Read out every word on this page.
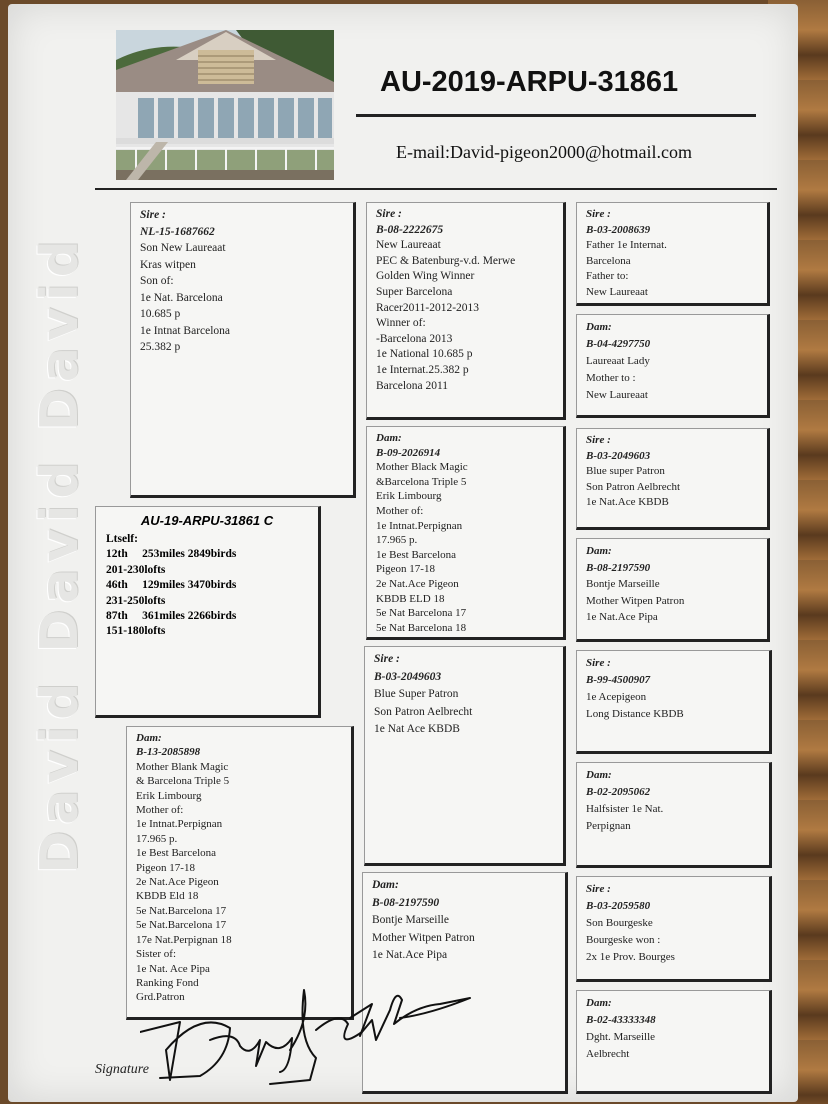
David David David
AU-2019-ARPU-31861
E-mail:David-pigeon2000@hotmail.com
Sire :
NL-15-1687662
Son New Laureaat
Kras witpen
Son of:
1e Nat. Barcelona
10.685 p
1e Intnat Barcelona
25.382 p
AU-19-ARPU-31861 C
Ltself:
12th     253miles 2849birds
201-230lofts
46th     129miles 3470birds
231-250lofts
87th     361miles 2266birds
151-180lofts
Dam:
B-13-2085898
Mother Blank Magic
& Barcelona Triple 5
Erik Limbourg
Mother of:
1e Intnat.Perpignan
17.965 p.
1e Best Barcelona
Pigeon 17-18
2e Nat.Ace Pigeon
KBDB Eld 18
5e Nat.Barcelona 17
5e Nat.Barcelona 17
17e Nat.Perpignan 18
Sister of:
1e Nat. Ace Pipa
Ranking Fond
Grd.Patron
Sire :
B-08-2222675
New Laureaat
PEC & Batenburg-v.d. Merwe
Golden Wing Winner
Super Barcelona
Racer2011-2012-2013
Winner of:
-Barcelona 2013
1e National 10.685 p
1e Internat.25.382 p
Barcelona 2011
Dam:
B-09-2026914
Mother Black Magic
&Barcelona Triple 5
Erik Limbourg
Mother of:
1e Intnat.Perpignan
17.965 p.
1e Best Barcelona
Pigeon 17-18
2e Nat.Ace Pigeon
KBDB ELD 18
5e Nat Barcelona 17
5e Nat Barcelona 18
Sire :
B-03-2049603
Blue Super Patron
Son Patron Aelbrecht
1e Nat Ace KBDB
Dam:
B-08-2197590
Bontje Marseille
Mother Witpen Patron
1e Nat.Ace Pipa
Sire :
B-03-2008639
Father 1e Internat.
Barcelona
Father to:
New Laureaat
Dam:
B-04-4297750
Laureaat Lady
Mother to :
New Laureaat
Sire :
B-03-2049603
Blue super Patron
Son Patron Aelbrecht
1e Nat.Ace KBDB
Dam:
B-08-2197590
Bontje Marseille
Mother Witpen Patron
1e Nat.Ace Pipa
Sire :
B-99-4500907
1e Acepigeon
Long Distance KBDB
Dam:
B-02-2095062
Halfsister 1e Nat.
Perpignan
Sire :
B-03-2059580
Son Bourgeske
Bourgeske won :
2x 1e Prov. Bourges
Dam:
B-02-43333348
Dght. Marseille
Aelbrecht
Signature
